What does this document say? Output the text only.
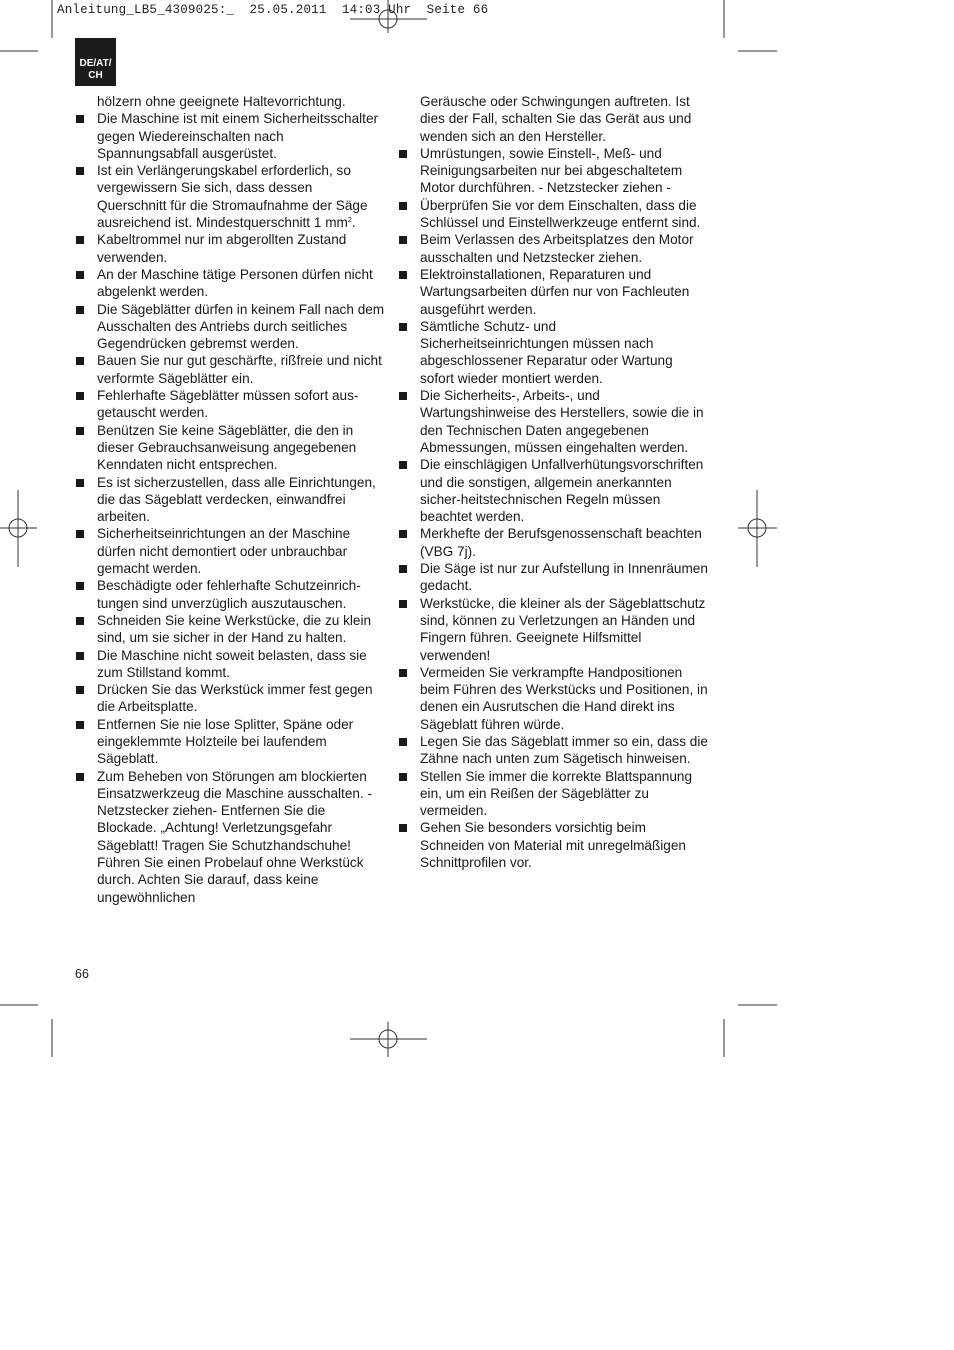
Anleitung_LB5_4309025:_  25.05.2011  14:03 Uhr  Seite 66
DE/AT/
CH

hölzern ohne geeignete Haltevorrichtung.

Die Maschine ist mit einem Sicherheitsschalter gegen Wiedereinschalten nach Spannungsabfall ausgerüstet.
Ist ein Verlängerungskabel erforderlich, so vergewissern Sie sich, dass dessen Querschnitt für die Stromaufnahme der Säge ausreichend ist. Mindestquerschnitt 1 $mm^2$.
Kabeltrommel nur im abgerollten Zustand verwenden.
An der Maschine tätige Personen dürfen nicht abgelenkt werden.
Die Sägeblätter dürfen in keinem Fall nach dem Ausschalten des Antriebs durch seitliches Gegendrücken gebremst werden.
Bauen Sie nur gut geschärfte, rißfreie und nicht verformte Sägeblätter ein.
Fehlerhafte Sägeblätter müssen sofort aus-getauscht werden.
Benützen Sie keine Sägeblätter, die den in dieser Gebrauchsanweisung angegebenen Kenndaten nicht entsprechen.
Es ist sicherzustellen, dass alle Einrichtungen, die das Sägeblatt verdecken, einwandfrei arbeiten.
Sicherheitseinrichtungen an der Maschine dürfen nicht demontiert oder unbrauchbar gemacht werden.
Beschädigte oder fehlerhafte Schutzeinrich-tungen sind unverzüglich auszutauschen.
Schneiden Sie keine Werkstücke, die zu klein sind, um sie sicher in der Hand zu halten.
Die Maschine nicht soweit belasten, dass sie zum Stillstand kommt.
Drücken Sie das Werkstück immer fest gegen die Arbeitsplatte.
Entfernen Sie nie lose Splitter, Späne oder eingeklemmte Holzteile bei laufendem Sägeblatt.
Zum Beheben von Störungen am blockierten Einsatzwerkzeug die Maschine ausschalten. -Netzstecker ziehen- Entfernen Sie die Blockade. „Achtung! Verletzungsgefahr Sägeblatt! Tragen Sie Schutzhandschuhe! Führen Sie einen Probelauf ohne Werkstück durch. Achten Sie darauf, dass keine ungewöhnlichen

Geräusche oder Schwingungen auftreten. Ist dies der Fall, schalten Sie das Gerät aus und wenden sich an den Hersteller.

Umrüstungen, sowie Einstell-, Meß- und Reinigungsarbeiten nur bei abgeschaltetem Motor durchführen. - Netzstecker ziehen -
Überprüfen Sie vor dem Einschalten, dass die Schlüssel und Einstellwerkzeuge entfernt sind.
Beim Verlassen des Arbeitsplatzes den Motor ausschalten und Netzstecker ziehen.
Elektroinstallationen, Reparaturen und Wartungsarbeiten dürfen nur von Fachleuten ausgeführt werden.
Sämtliche Schutz- und Sicherheitseinrichtungen müssen nach abgeschlossener Reparatur oder Wartung sofort wieder montiert werden.
Die Sicherheits-, Arbeits-, und Wartungshinweise des Herstellers, sowie die in den Technischen Daten angegebenen Abmessungen, müssen eingehalten werden.
Die einschlägigen Unfallverhütungsvorschriften und die sonstigen, allgemein anerkannten sicher-heitstechnischen Regeln müssen beachtet werden.
Merkhefte der Berufsgenossenschaft beachten (VBG 7j).
Die Säge ist nur zur Aufstellung in Innenräumen gedacht.
Werkstücke, die kleiner als der Sägeblattschutz sind, können zu Verletzungen an Händen und Fingern führen. Geeignete Hilfsmittel verwenden!
Vermeiden Sie verkrampfte Handpositionen beim Führen des Werkstücks und Positionen, in denen ein Ausrutschen die Hand direkt ins Sägeblatt führen würde.
Legen Sie das Sägeblatt immer so ein, dass die Zähne nach unten zum Sägetisch hinweisen.
Stellen Sie immer die korrekte Blattspannung ein, um ein Reißen der Sägeblätter zu vermeiden.
Gehen Sie besonders vorsichtig beim Schneiden von Material mit unregelmäßigen Schnittprofilen vor.
66
